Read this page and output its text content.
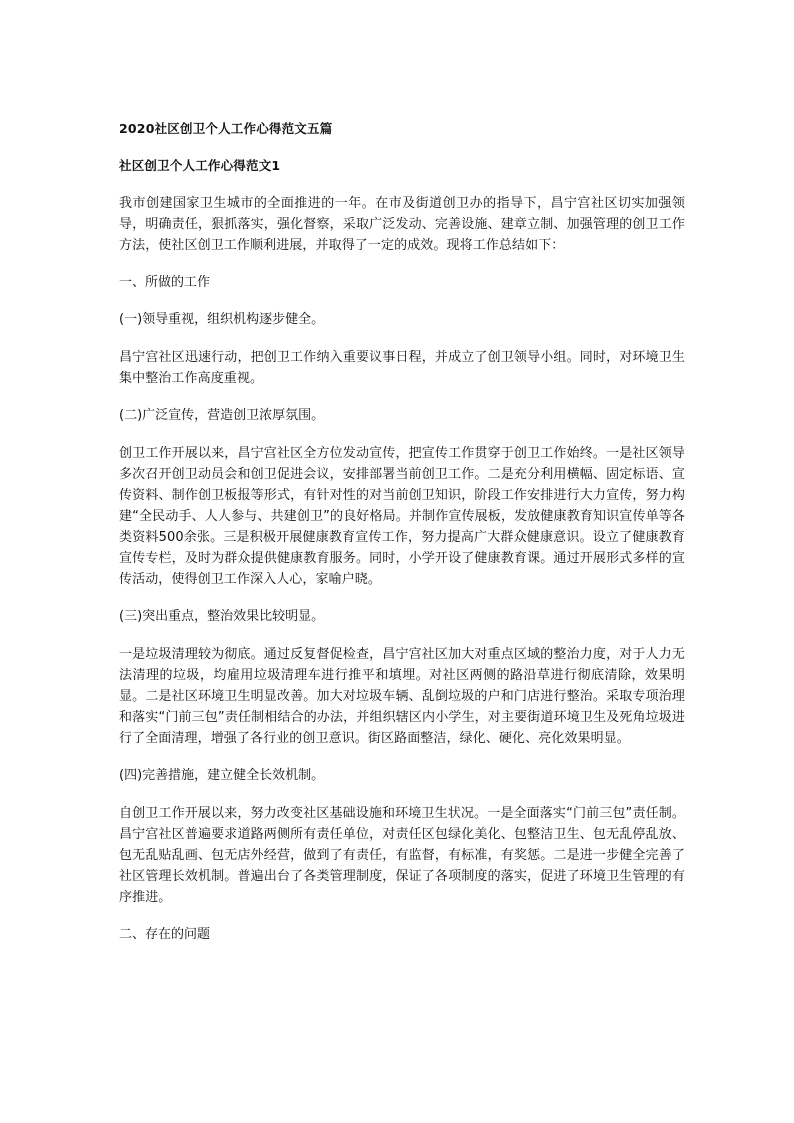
2020社区创卫个人工作心得范文五篇
社区创卫个人工作心得范文1

我市创建国家卫生城市的全面推进的一年。在市及街道创卫办的指导下，昌宁宫社区切实加强领导，明确责任，狠抓落实，强化督察，采取广泛发动、完善设施、建章立制、加强管理的创卫工作方法，使社区创卫工作顺利进展，并取得了一定的成效。现将工作总结如下：

一、所做的工作
(一)领导重视，组织机构逐步健全。

昌宁宫社区迅速行动，把创卫工作纳入重要议事日程，并成立了创卫领导小组。同时，对环境卫生集中整治工作高度重视。

(二)广泛宣传，营造创卫浓厚氛围。

创卫工作开展以来，昌宁宫社区全方位发动宣传，把宣传工作贯穿于创卫工作始终。一是社区领导多次召开创卫动员会和创卫促进会议，安排部署当前创卫工作。二是充分利用横幅、固定标语、宣传资料、制作创卫板报等形式，有针对性的对当前创卫知识，阶段工作安排进行大力宣传，努力构建“全民动手、人人参与、共建创卫”的良好格局。并制作宣传展板，发放健康教育知识宣传单等各类资料500余张。三是积极开展健康教育宣传工作，努力提高广大群众健康意识。设立了健康教育宣传专栏，及时为群众提供健康教育服务。同时，小学开设了健康教育课。通过开展形式多样的宣传活动，使得创卫工作深入人心，家喻户晓。

(三)突出重点，整治效果比较明显。

一是垃圾清理较为彻底。通过反复督促检查，昌宁宫社区加大对重点区域的整治力度，对于人力无法清理的垃圾，均雇用垃圾清理车进行推平和填埋。对社区两侧的路沿草进行彻底清除，效果明显。二是社区环境卫生明显改善。加大对垃圾车辆、乱倒垃圾的户和门店进行整治。采取专项治理和落实“门前三包”责任制相结合的办法，并组织辖区内小学生，对主要街道环境卫生及死角垃圾进行了全面清理，增强了各行业的创卫意识。街区路面整洁，绿化、硬化、亮化效果明显。

(四)完善措施，建立健全长效机制。

自创卫工作开展以来，努力改变社区基础设施和环境卫生状况。一是全面落实“门前三包”责任制。昌宁宫社区普遍要求道路两侧所有责任单位，对责任区包绿化美化、包整洁卫生、包无乱停乱放、包无乱贴乱画、包无店外经营，做到了有责任，有监督，有标准，有奖惩。二是进一步健全完善了社区管理长效机制。普遍出台了各类管理制度，保证了各项制度的落实，促进了环境卫生管理的有序推进。

二、存在的问题
